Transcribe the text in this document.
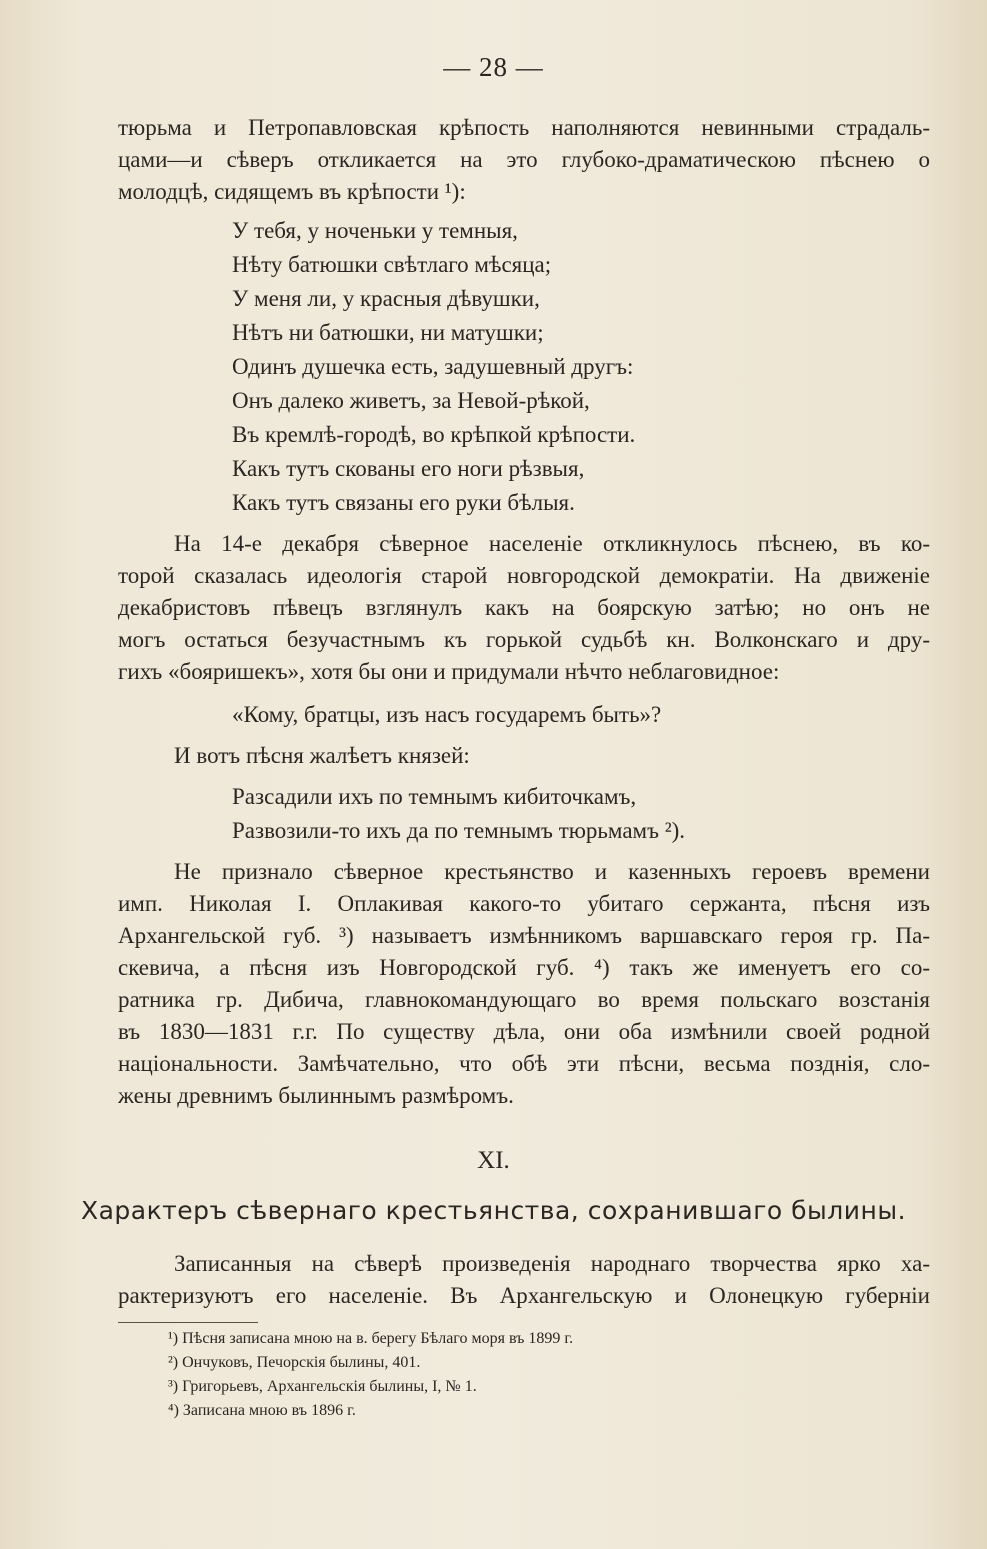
— 28 —
тюрьма и Петропавловская крѣпость наполняются невинными страдаль-
цами—и сѣверъ откликается на это глубоко-драматическою пѣснею о
молодцѣ, сидящемъ въ крѣпости ¹):
У тебя, у ноченьки у темныя,
Нѣту батюшки свѣтлаго мѣсяца;
У меня ли, у красныя дѣвушки,
Нѣтъ ни батюшки, ни матушки;
Одинъ душечка есть, задушевный другъ:
Онъ далеко живетъ, за Невой-рѣкой,
Въ кремлѣ-городѣ, во крѣпкой крѣпости.
Какъ тутъ скованы его ноги рѣзвыя,
Какъ тутъ связаны его руки бѣлыя.
На 14-е декабря сѣверное населеніе откликнулось пѣснею, въ ко-
торой сказалась идеологія старой новгородской демократіи. На движеніе
декабристовъ пѣвецъ взглянулъ какъ на боярскую затѣю; но онъ не
могъ остаться безучастнымъ къ горькой судьбѣ кн. Волконскаго и дру-
гихъ «бояришекъ», хотя бы они и придумали нѣчто неблаговидное:
«Кому, братцы, изъ насъ государемъ быть»?
И вотъ пѣсня жалѣетъ князей:
Разсадили ихъ по темнымъ кибиточкамъ,
Развозили-то ихъ да по темнымъ тюрьмамъ ²).
Не признало сѣверное крестьянство и казенныхъ героевъ времени
имп. Николая I. Оплакивая какого-то убитаго сержанта, пѣсня изъ
Архангельской губ. ³) называетъ измѣнникомъ варшавскаго героя гр. Па-
скевича, а пѣсня изъ Новгородской губ. ⁴) такъ же именуетъ его со-
ратника гр. Дибича, главнокомандующаго во время польскаго возстанія
въ 1830—1831 г.г. По существу дѣла, они оба измѣнили своей родной
національности. Замѣчательно, что обѣ эти пѣсни, весьма позднія, сло-
жены древнимъ былиннымъ размѣромъ.
XI.
Характеръ сѣвернаго крестьянства, сохранившаго былины.
Записанныя на сѣверѣ произведенія народнаго творчества ярко ха-
рактеризуютъ его населеніе. Въ Архангельскую и Олонецкую губерніи
¹) Пѣсня записана мною на в. берегу Бѣлаго моря въ 1899 г.
²) Ончуковъ, Печорскія былины, 401.
³) Григорьевъ, Архангельскія былины, I, № 1.
⁴) Записана мною въ 1896 г.
